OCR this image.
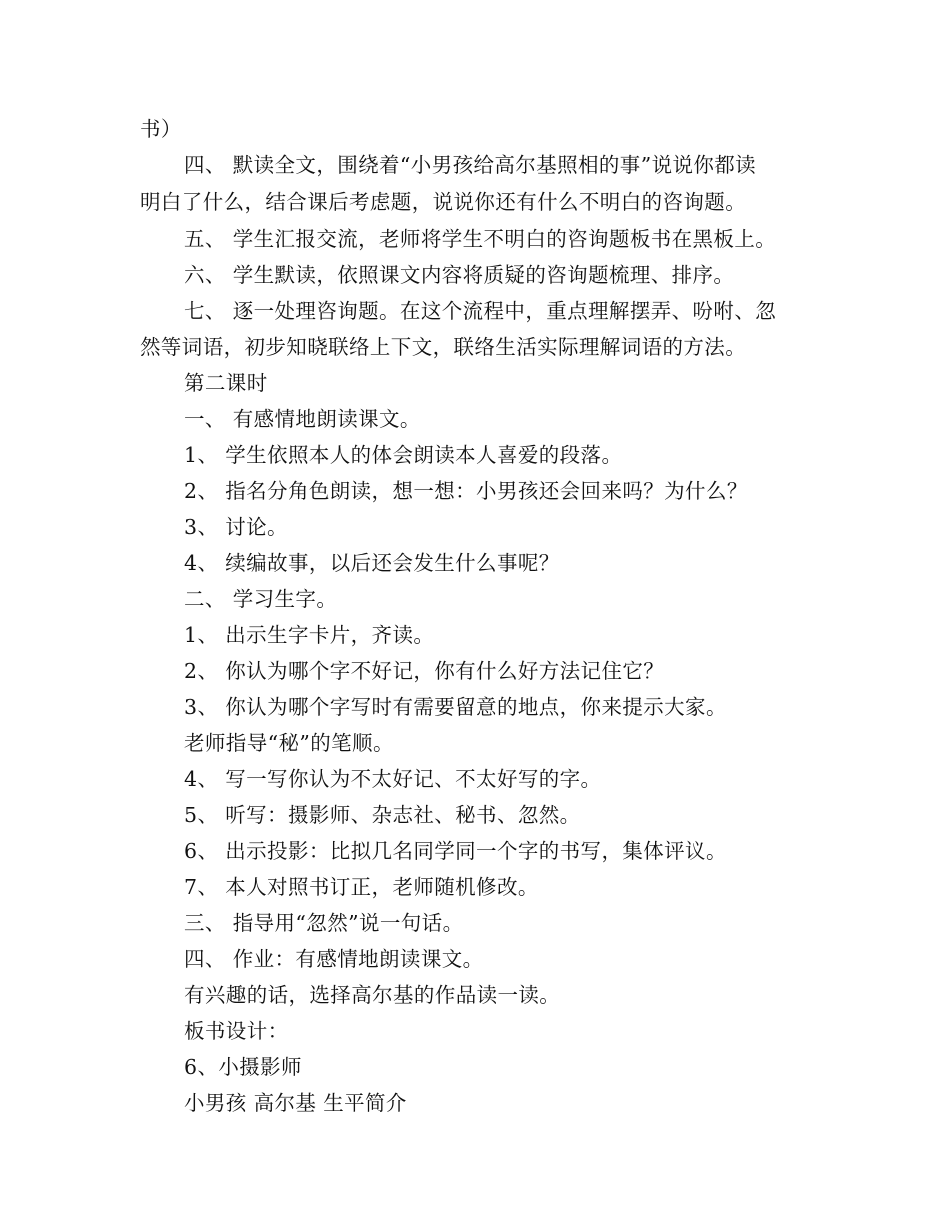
书）
四、 默读全文，围绕着“小男孩给高尔基照相的事”说说你都读
明白了什么，结合课后考虑题，说说你还有什么不明白的咨询题。
五、 学生汇报交流，老师将学生不明白的咨询题板书在黑板上。
六、 学生默读，依照课文内容将质疑的咨询题梳理、排序。
七、 逐一处理咨询题。在这个流程中，重点理解摆弄、吩咐、忽
然等词语，初步知晓联络上下文，联络生活实际理解词语的方法。
第二课时
一、 有感情地朗读课文。
1、 学生依照本人的体会朗读本人喜爱的段落。
2、 指名分角色朗读，想一想：小男孩还会回来吗？为什么？
3、 讨论。
4、 续编故事，以后还会发生什么事呢？
二、 学习生字。
1、 出示生字卡片，齐读。
2、 你认为哪个字不好记，你有什么好方法记住它？
3、 你认为哪个字写时有需要留意的地点，你来提示大家。
老师指导“秘”的笔顺。
4、 写一写你认为不太好记、不太好写的字。
5、 听写：摄影师、杂志社、秘书、忽然。
6、 出示投影：比拟几名同学同一个字的书写，集体评议。
7、 本人对照书订正，老师随机修改。
三、 指导用“忽然”说一句话。
四、 作业：有感情地朗读课文。
有兴趣的话，选择高尔基的作品读一读。
板书设计：
6、小摄影师
小男孩 高尔基 生平简介
